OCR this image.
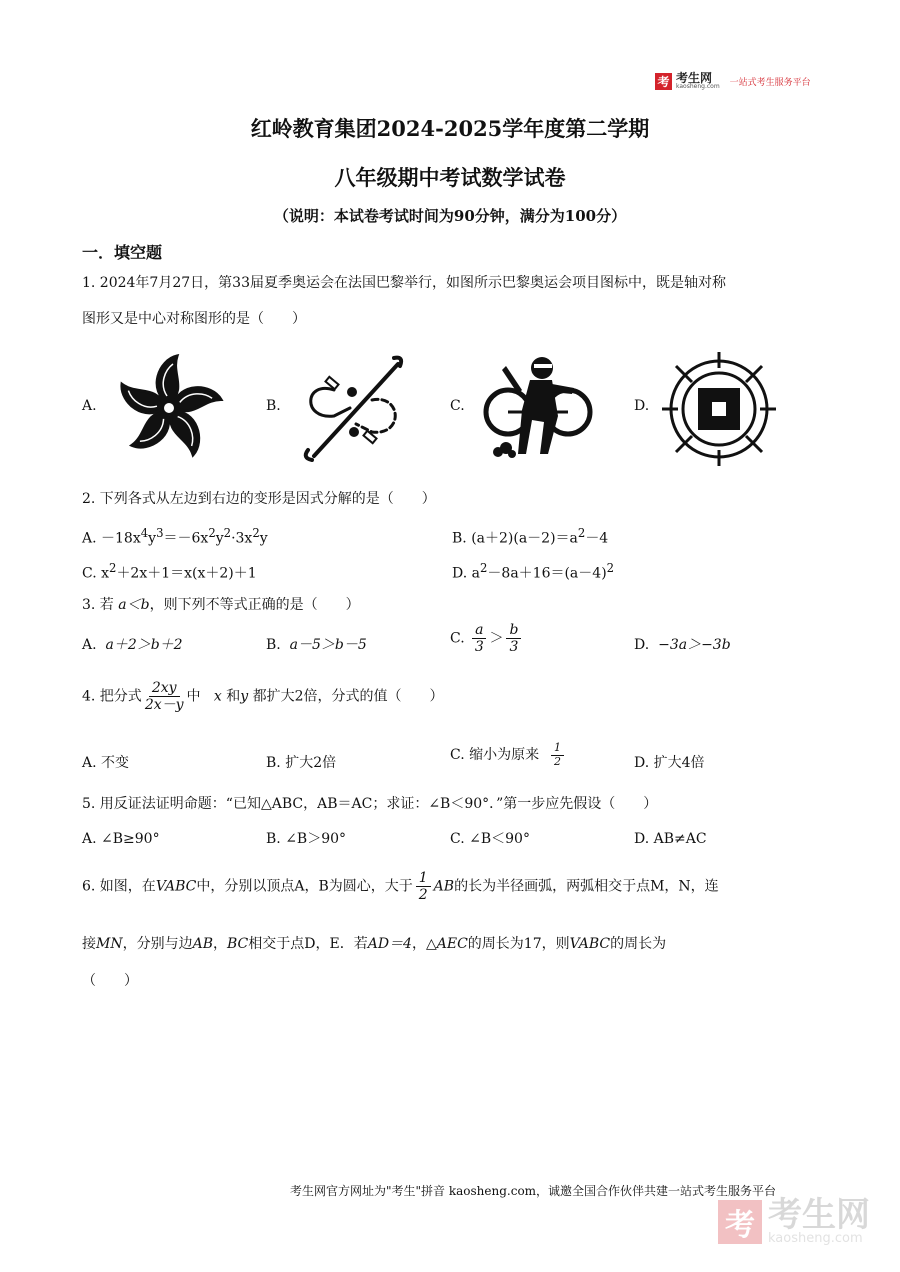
考 考生网
kaosheng.com 一站式考生服务平台
红岭教育集团2024-2025学年度第二学期
八年级期中考试数学试卷
（说明：本试卷考试时间为90分钟，满分为100分）
一．填空题
1. 2024年7月27日，第33届夏季奥运会在法国巴黎举行，如图所示巴黎奥运会项目图标中，既是轴对称
图形又是中心对称图形的是（　　）
A.	B.	C.	D.
2. 下列各式从左边到右边的变形是因式分解的是（　　）
A. $-18x^4y^3=-6x^2y^2\cdot 3x^2y$	B. $(a+2)(a-2)=a^2-4$
C. $x^2+2x+1=x(x+2)+1$	D. $a^2-8a+16=(a-4)^2$
3. 若 a＜b，则下列不等式正确的是（　　）
A. a＋2＞b＋2	B. a－5＞b－5	C. $\frac{a}{3} > \frac{b}{3}$	D. −3a＞−3b
4. 把分式 $\frac{2xy}{2x-y}$ 中 x 和y 都扩大2倍，分式的值（　　）
A. 不变	B. 扩大2倍	C. 缩小为原来 $\frac{1}{2}$	D. 扩大4倍
5. 用反证法证明命题：“已知△ABC，AB＝AC；求证：∠B＜90°．”第一步应先假设（　　）
A. ∠B≥90°	B. ∠B＞90°	C. ∠B＜90°	D. AB≠AC
6. 如图，在VABC中，分别以顶点A，B为圆心，大于 $\frac{1}{2}$ AB的长为半径画弧，两弧相交于点M，N，连
接MN，分别与边AB，BC相交于点D，E．若AD＝4，△AEC的周长为17，则VABC的周长为
（　　）
考生网官方网址为"考生"拼音 kaosheng.com，诚邀全国合作伙伴共建一站式考生服务平台
考 考生网
kaosheng.com
